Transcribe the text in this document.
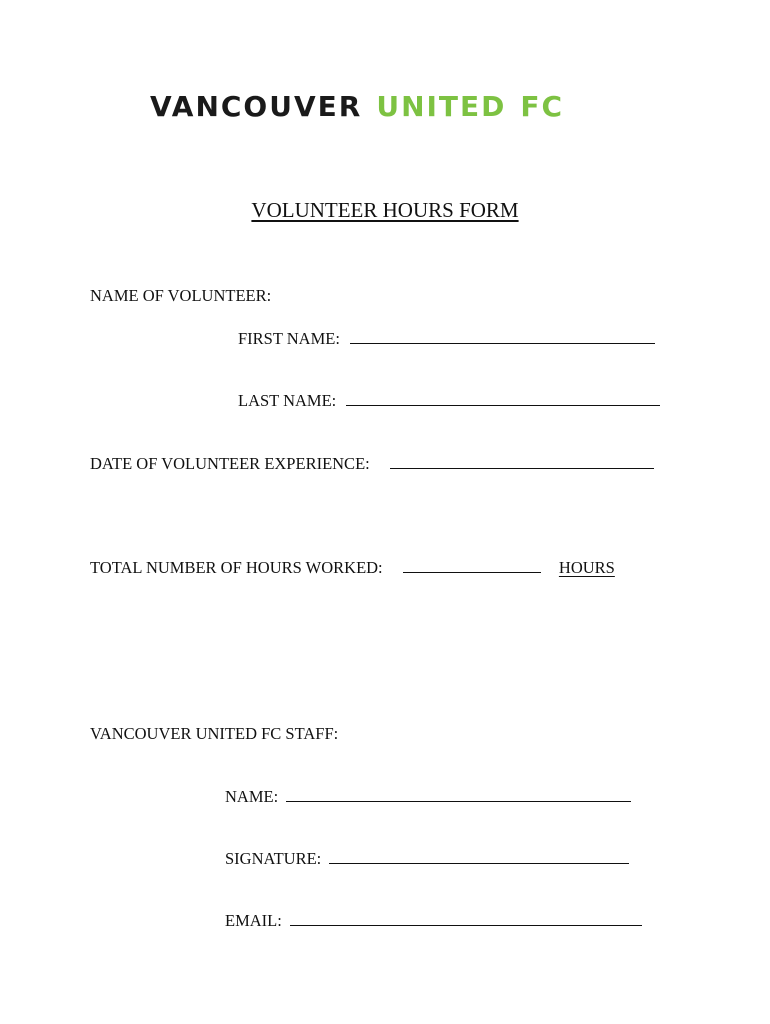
VANCOUVER UNITED FC
VOLUNTEER HOURS FORM
NAME OF VOLUNTEER:
FIRST NAME:
LAST NAME:
DATE OF VOLUNTEER EXPERIENCE:
TOTAL NUMBER OF HOURS WORKED:	HOURS
VANCOUVER UNITED FC STAFF:
NAME:
SIGNATURE:
EMAIL:
